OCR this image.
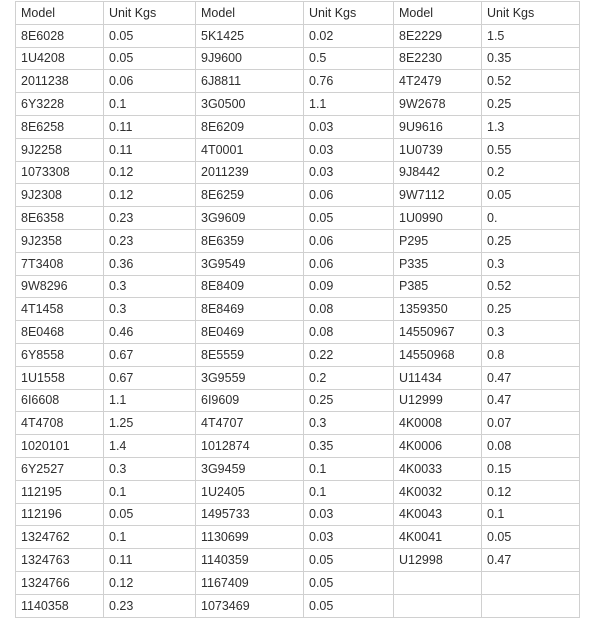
Model	Unit Kgs	Model	Unit Kgs	Model	Unit Kgs
8E6028	0.05	5K1425	0.02	8E2229	1.5
1U4208	0.05	9J9600	0.5	8E2230	0.35
2011238	0.06	6J8811	0.76	4T2479	0.52
6Y3228	0.1	3G0500	1.1	9W2678	0.25
8E6258	0.11	8E6209	0.03	9U9616	1.3
9J2258	0.11	4T0001	0.03	1U0739	0.55
1073308	0.12	2011239	0.03	9J8442	0.2
9J2308	0.12	8E6259	0.06	9W7112	0.05
8E6358	0.23	3G9609	0.05	1U0990	0.
9J2358	0.23	8E6359	0.06	P295	0.25
7T3408	0.36	3G9549	0.06	P335	0.3
9W8296	0.3	8E8409	0.09	P385	0.52
4T1458	0.3	8E8469	0.08	1359350	0.25
8E0468	0.46	8E0469	0.08	14550967	0.3
6Y8558	0.67	8E5559	0.22	14550968	0.8
1U1558	0.67	3G9559	0.2	U11434	0.47
6I6608	1.1	6I9609	0.25	U12999	0.47
4T4708	1.25	4T4707	0.3	4K0008	0.07
1020101	1.4	1012874	0.35	4K0006	0.08
6Y2527	0.3	3G9459	0.1	4K0033	0.15
112195	0.1	1U2405	0.1	4K0032	0.12
112196	0.05	1495733	0.03	4K0043	0.1
1324762	0.1	1130699	0.03	4K0041	0.05
1324763	0.11	1140359	0.05	U12998	0.47
1324766	0.12	1167409	0.05		
1140358	0.23	1073469	0.05		
